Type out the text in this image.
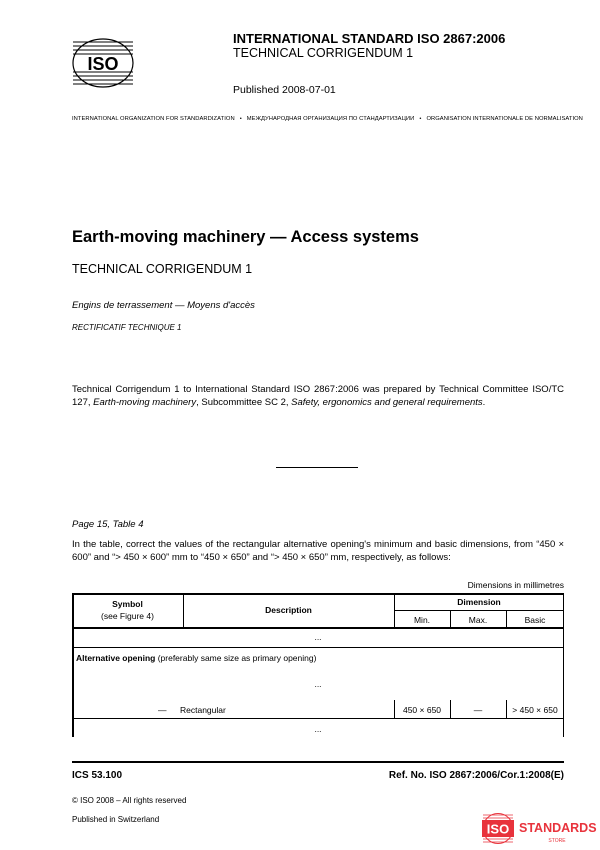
ISO
INTERNATIONAL STANDARD ISO 2867:2006
TECHNICAL CORRIGENDUM 1
Published 2008-07-01
INTERNATIONAL ORGANIZATION FOR STANDARDIZATION • МЕЖДУНАРОДНАЯ ОРГАНИЗАЦИЯ ПО СТАНДАРТИЗАЦИИ • ORGANISATION INTERNATIONALE DE NORMALISATION
Earth-moving machinery — Access systems
TECHNICAL CORRIGENDUM 1
Engins de terrassement — Moyens d'accès
RECTIFICATIF TECHNIQUE 1
Technical Corrigendum 1 to International Standard ISO 2867:2006 was prepared by Technical Committee ISO/TC 127, Earth-moving machinery, Subcommittee SC 2, Safety, ergonomics and general requirements.
Page 15, Table 4
In the table, correct the values of the rectangular alternative opening's minimum and basic dimensions, from “450 × 600” and “> 450 × 600” mm to “450 × 650” and “> 450 × 650” mm, respectively, as follows:
Dimensions in millimetres
Symbol
(see Figure 4)
Description
Dimension
Min.	Max.	Basic
...
Alternative opening (preferably same size as primary opening)
...
— Rectangular	450 × 650	—	> 450 × 650
...
ICS 53.100	Ref. No. ISO 2867:2006/Cor.1:2008(E)
© ISO 2008 – All rights reserved
Published in Switzerland
ISO STANDARDS
STORE
